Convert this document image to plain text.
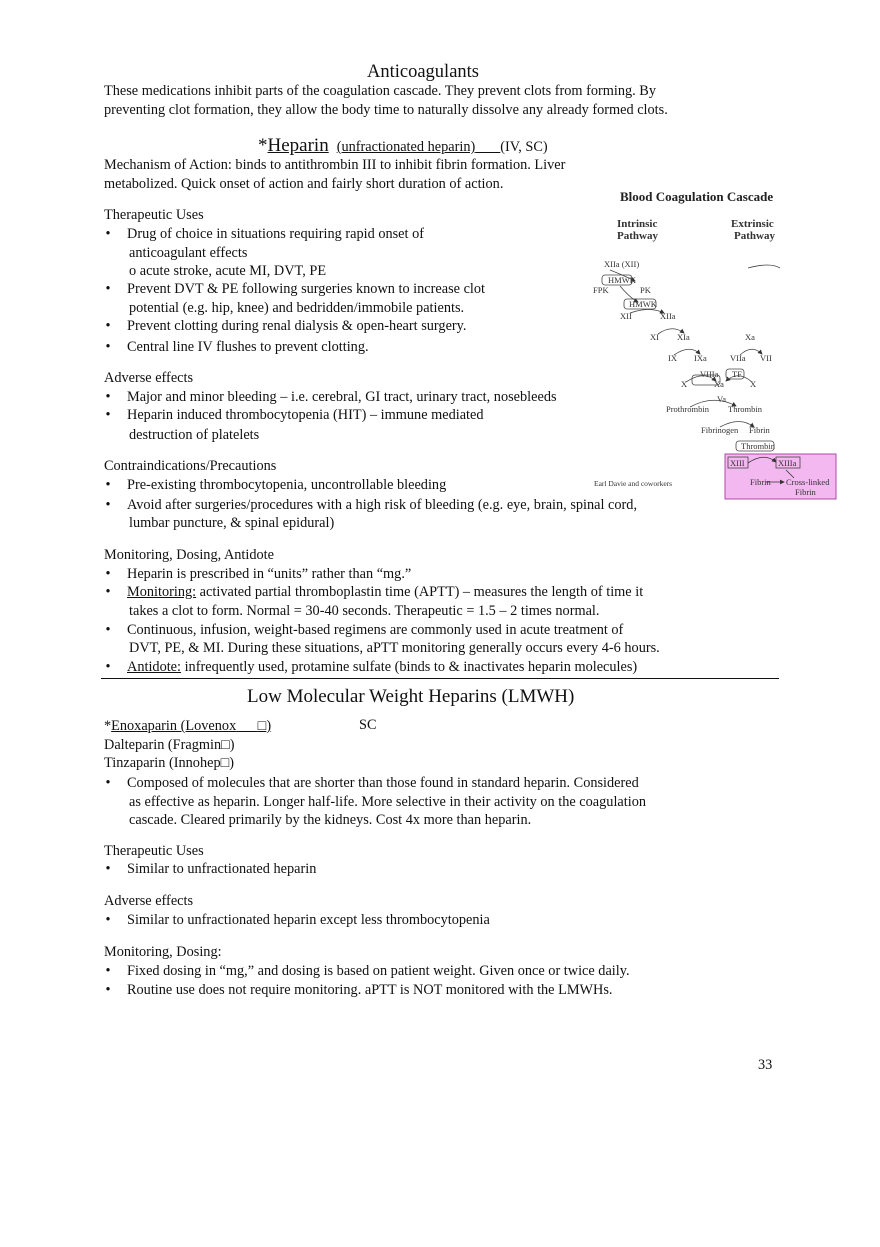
Anticoagulants
These medications inhibit parts of the coagulation cascade. They prevent clots from forming. By
preventing clot formation, they allow the body time to naturally dissolve any already formed clots.
*Heparin (unfractionated heparin) (IV, SC)
Mechanism of Action: binds to antithrombin III to inhibit fibrin formation. Liver
metabolized. Quick onset of action and fairly short duration of action.
Therapeutic Uses
• Drug of choice in situations requiring rapid onset of
anticoagulant effects
o acute stroke, acute MI, DVT, PE
• Prevent DVT & PE following surgeries known to increase clot
potential (e.g. hip, knee) and bedridden/immobile patients.
• Prevent clotting during renal dialysis & open-heart surgery.
• Central line IV flushes to prevent clotting.
Adverse effects
• Major and minor bleeding – i.e. cerebral, GI tract, urinary tract, nosebleeds
• Heparin induced thrombocytopenia (HIT) – immune mediated
destruction of platelets
Contraindications/Precautions
• Pre-existing thrombocytopenia, uncontrollable bleeding
• Avoid after surgeries/procedures with a high risk of bleeding (e.g. eye, brain, spinal cord,
lumbar puncture, & spinal epidural)
Monitoring, Dosing, Antidote
• Heparin is prescribed in “units” rather than “mg.”
• Monitoring: activated partial thromboplastin time (APTT) – measures the length of time it
takes a clot to form. Normal = 30-40 seconds. Therapeutic = 1.5 – 2 times normal.
• Continuous, infusion, weight-based regimens are commonly used in acute treatment of
DVT, PE, & MI. During these situations, aPTT monitoring generally occurs every 4-6 hours.
• Antidote: infrequently used, protamine sulfate (binds to & inactivates heparin molecules)
Blood Coagulation Cascade
Intrinsic
Pathway
Extrinsic
Pathway
XIIa (XII)
HMWK
FPK	PK
HMWK
XII	XIIa
XI XIa	Xa
IX IXa	VIIa VII
VIIIa TF
X	Xa	X
Va
Prothrombin Thrombin
Fibrinogen Fibrin
Thrombin
XIII	XIIIa
Fibrin Cross-linked
Fibrin
Earl Davie and coworkers
Low Molecular Weight Heparins (LMWH)
*Enoxaparin (Lovenox □)	SC
Dalteparin (Fragmin□)
Tinzaparin (Innohep□)
• Composed of molecules that are shorter than those found in standard heparin. Considered
as effective as heparin. Longer half-life. More selective in their activity on the coagulation
cascade. Cleared primarily by the kidneys. Cost 4x more than heparin.
Therapeutic Uses
• Similar to unfractionated heparin
Adverse effects
• Similar to unfractionated heparin except less thrombocytopenia
Monitoring, Dosing:
• Fixed dosing in “mg,” and dosing is based on patient weight. Given once or twice daily.
• Routine use does not require monitoring. aPTT is NOT monitored with the LMWHs.
33
